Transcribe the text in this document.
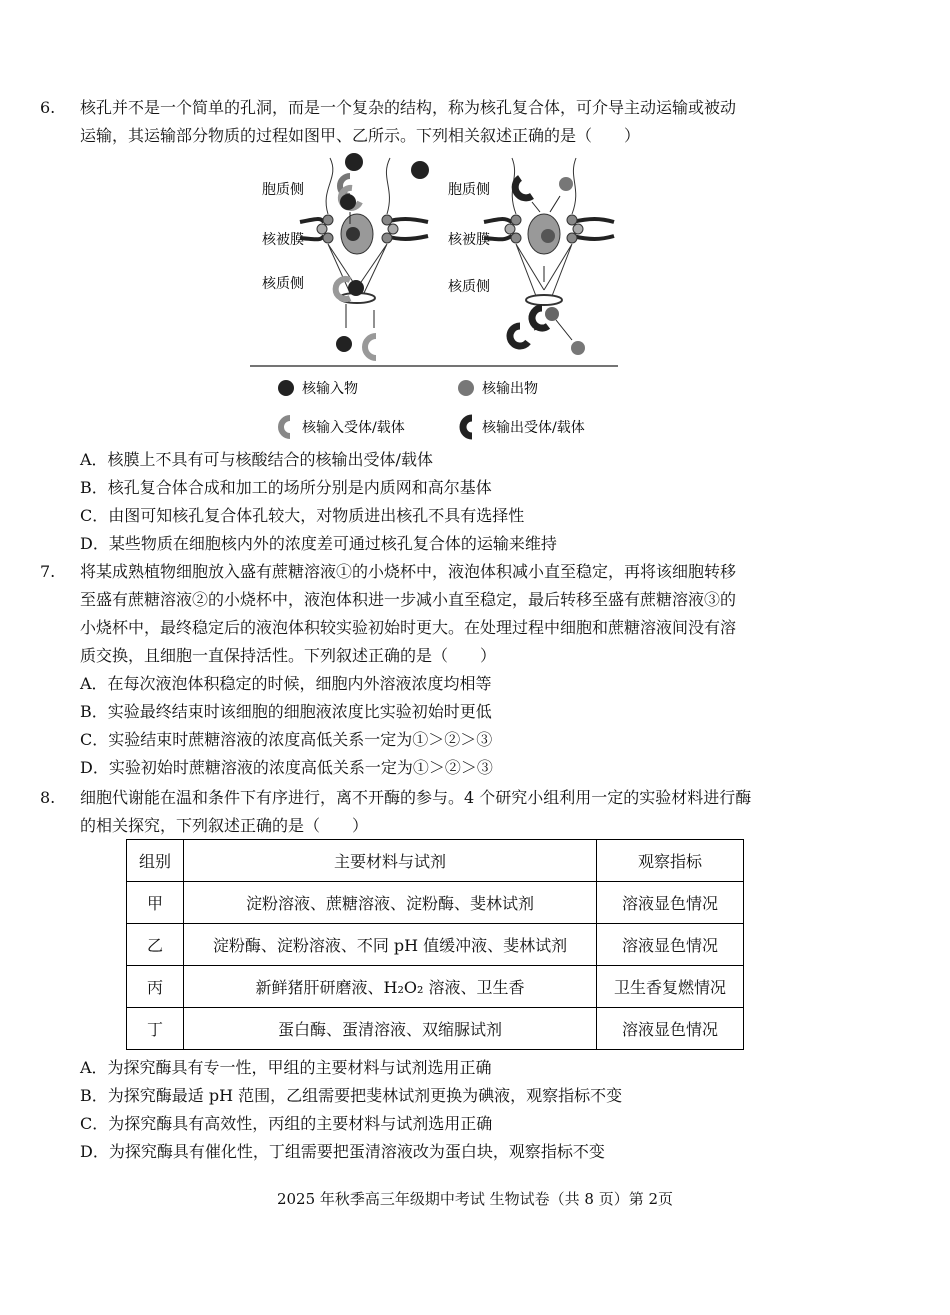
6.	核孔并不是一个简单的孔洞，而是一个复杂的结构，称为核孔复合体，可介导主动运输或被动
运输，其运输部分物质的过程如图甲、乙所示。下列相关叙述正确的是（　　）
胞质侧
核被膜
核质侧
胞质侧
核被膜
核质侧
核输入物	核输出物
核输入受体/载体	核输出受体/载体
A．核膜上不具有可与核酸结合的核输出受体/载体
B．核孔复合体合成和加工的场所分别是内质网和高尔基体
C．由图可知核孔复合体孔较大，对物质进出核孔不具有选择性
D．某些物质在细胞核内外的浓度差可通过核孔复合体的运输来维持
7.	将某成熟植物细胞放入盛有蔗糖溶液①的小烧杯中，液泡体积减小直至稳定，再将该细胞转移
至盛有蔗糖溶液②的小烧杯中，液泡体积进一步减小直至稳定，最后转移至盛有蔗糖溶液③的
小烧杯中，最终稳定后的液泡体积较实验初始时更大。在处理过程中细胞和蔗糖溶液间没有溶
质交换，且细胞一直保持活性。下列叙述正确的是（　　）
A．在每次液泡体积稳定的时候，细胞内外溶液浓度均相等
B．实验最终结束时该细胞的细胞液浓度比实验初始时更低
C．实验结束时蔗糖溶液的浓度高低关系一定为①＞②＞③
D．实验初始时蔗糖溶液的浓度高低关系一定为①＞②＞③
8.	细胞代谢能在温和条件下有序进行，离不开酶的参与。4 个研究小组利用一定的实验材料进行酶
的相关探究，下列叙述正确的是（　　）
组别	主要材料与试剂	观察指标
甲	淀粉溶液、蔗糖溶液、淀粉酶、斐林试剂	溶液显色情况
乙	淀粉酶、淀粉溶液、不同 pH 值缓冲液、斐林试剂	溶液显色情况
丙	新鲜猪肝研磨液、H₂O₂ 溶液、卫生香	卫生香复燃情况
丁	蛋白酶、蛋清溶液、双缩脲试剂	溶液显色情况
A．为探究酶具有专一性，甲组的主要材料与试剂选用正确
B．为探究酶最适 pH 范围，乙组需要把斐林试剂更换为碘液，观察指标不变
C．为探究酶具有高效性，丙组的主要材料与试剂选用正确
D．为探究酶具有催化性，丁组需要把蛋清溶液改为蛋白块，观察指标不变
2025 年秋季高三年级期中考试 生物试卷（共 8 页）第 2页
